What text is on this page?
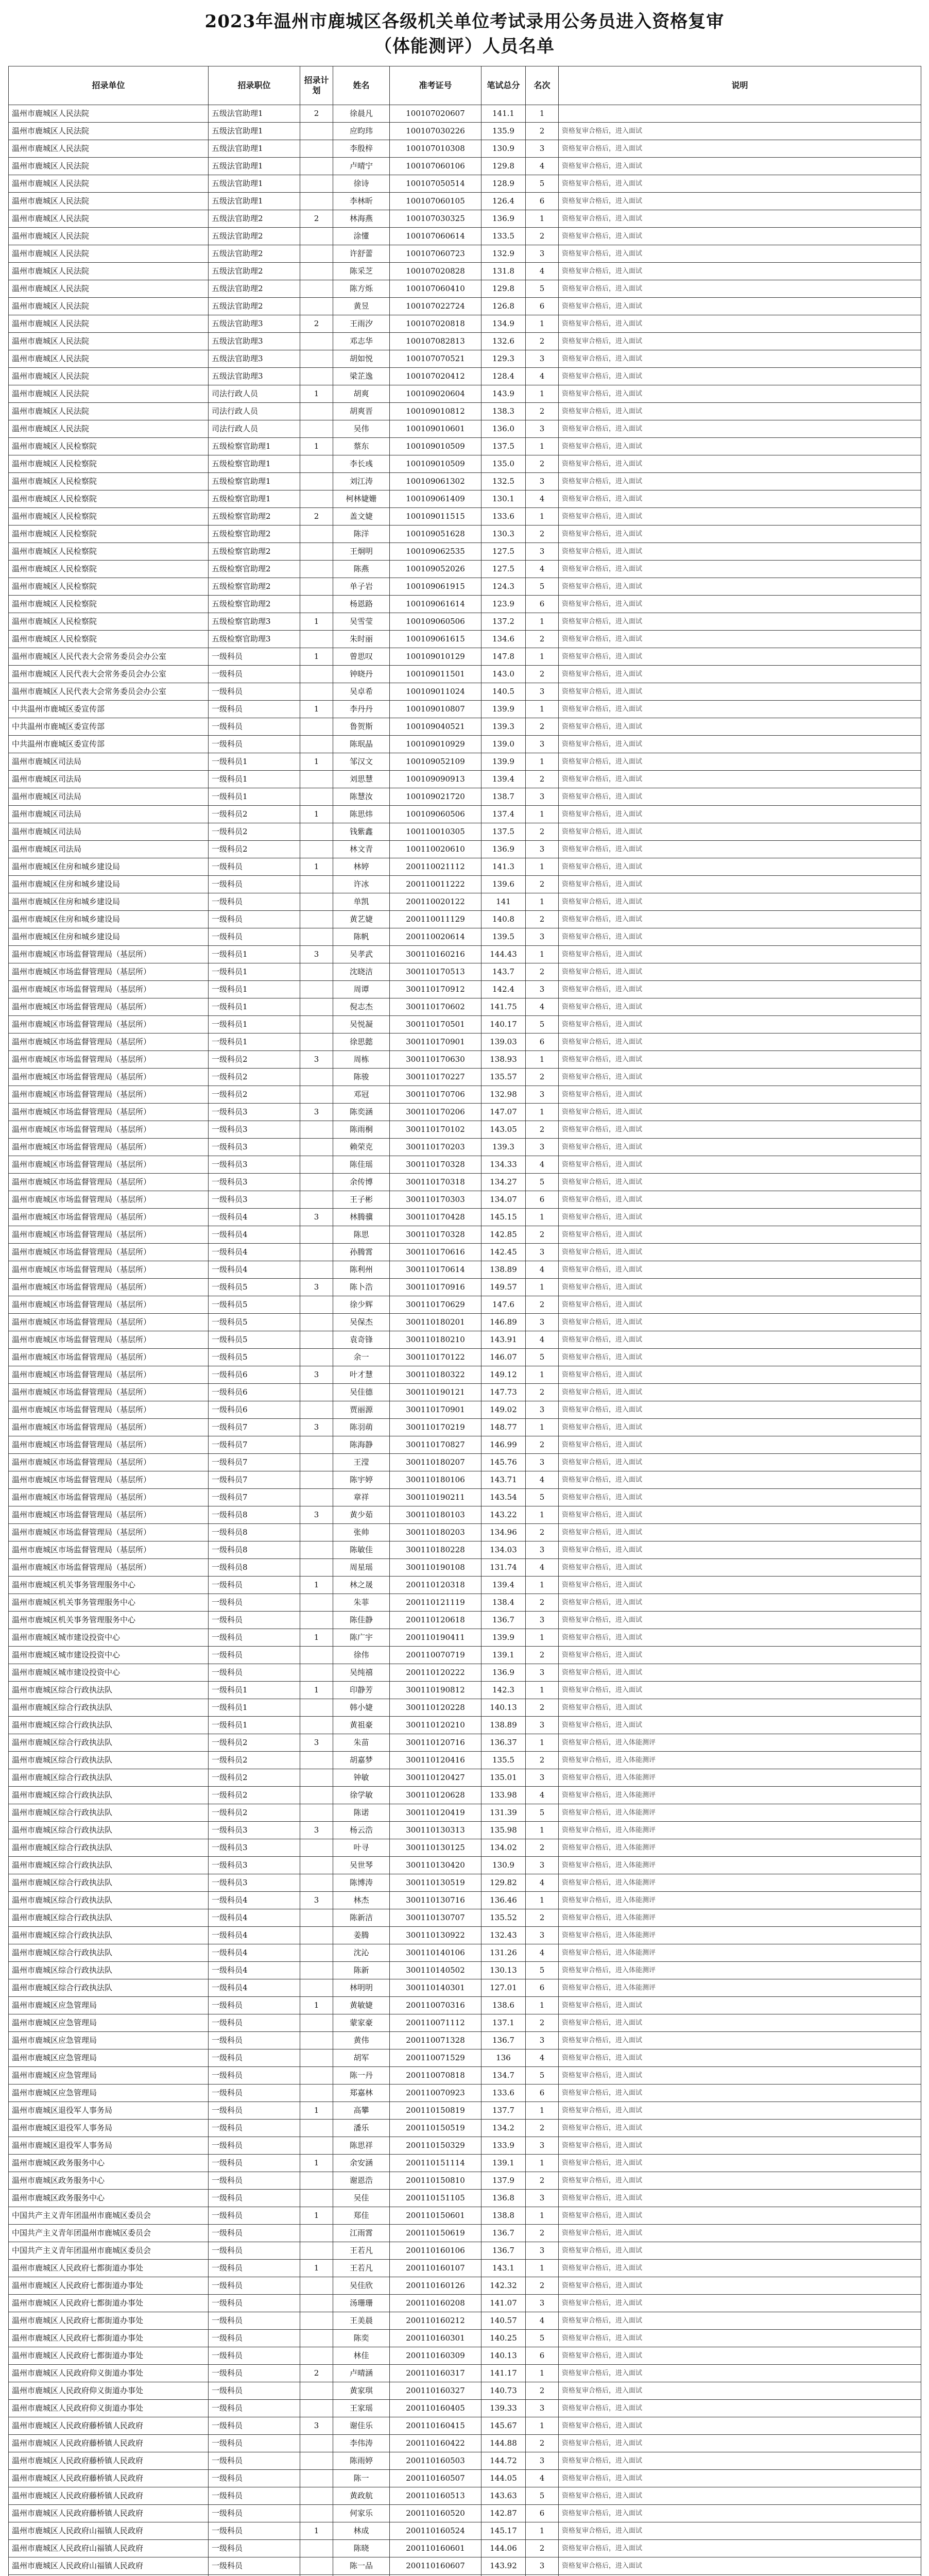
2023年温州市鹿城区各级机关单位考试录用公务员进入资格复审
（体能测评）人员名单
招录单位	招录职位	招录计划	姓名	准考证号	笔试总分	名次	说明
温州市鹿城区人民法院	五级法官助理1	2	徐晨凡	100107020607	141.1	1	
温州市鹿城区人民法院	五级法官助理1		应昀玮	100107030226	135.9	2	资格复审合格后，进入面试
温州市鹿城区人民法院	五级法官助理1		李殷梓	100107010308	130.9	3	资格复审合格后，进入面试
温州市鹿城区人民法院	五级法官助理1		卢晴宁	100107060106	129.8	4	资格复审合格后，进入面试
温州市鹿城区人民法院	五级法官助理1		徐诗	100107050514	128.9	5	资格复审合格后，进入面试
温州市鹿城区人民法院	五级法官助理1		李林昕	100107060105	126.4	6	资格复审合格后，进入面试
温州市鹿城区人民法院	五级法官助理2	2	林海燕	100107030325	136.9	1	资格复审合格后，进入面试
温州市鹿城区人民法院	五级法官助理2		涂懂	100107060614	133.5	2	资格复审合格后，进入面试
温州市鹿城区人民法院	五级法官助理2		许舒蕾	100107060723	132.9	3	资格复审合格后，进入面试
温州市鹿城区人民法院	五级法官助理2		陈采芝	100107020828	131.8	4	资格复审合格后，进入面试
温州市鹿城区人民法院	五级法官助理2		陈方烁	100107060410	129.8	5	资格复审合格后，进入面试
温州市鹿城区人民法院	五级法官助理2		黄昱	100107022724	126.8	6	资格复审合格后，进入面试
温州市鹿城区人民法院	五级法官助理3	2	王雨汐	100107020818	134.9	1	资格复审合格后，进入面试
温州市鹿城区人民法院	五级法官助理3		邓志华	100107082813	132.6	2	资格复审合格后，进入面试
温州市鹿城区人民法院	五级法官助理3		胡如悦	100107070521	129.3	3	资格复审合格后，进入面试
温州市鹿城区人民法院	五级法官助理3		梁芷逸	100107020412	128.4	4	资格复审合格后，进入面试
温州市鹿城区人民法院	司法行政人员	1	胡爽	100109020604	143.9	1	资格复审合格后，进入面试
温州市鹿城区人民法院	司法行政人员		胡爽晋	100109010812	138.3	2	资格复审合格后，进入面试
温州市鹿城区人民法院	司法行政人员		吴伟	100109010601	136.0	3	资格复审合格后，进入面试
温州市鹿城区人民检察院	五级检察官助理1	1	蔡东	100109010509	137.5	1	资格复审合格后，进入面试
温州市鹿城区人民检察院	五级检察官助理1		李长彧	100109010509	135.0	2	资格复审合格后，进入面试
温州市鹿城区人民检察院	五级检察官助理1		刘江涛	100109061302	132.5	3	资格复审合格后，进入面试
温州市鹿城区人民检察院	五级检察官助理1		柯林婕姗	100109061409	130.1	4	资格复审合格后，进入面试
温州市鹿城区人民检察院	五级检察官助理2	2	盖文婕	100109011515	133.6	1	资格复审合格后，进入面试
温州市鹿城区人民检察院	五级检察官助理2		陈洋	100109051628	130.3	2	资格复审合格后，进入面试
温州市鹿城区人民检察院	五级检察官助理2		王炯明	100109062535	127.5	3	资格复审合格后，进入面试
温州市鹿城区人民检察院	五级检察官助理2		陈燕	100109052026	127.5	4	资格复审合格后，进入面试
温州市鹿城区人民检察院	五级检察官助理2		单子岩	100109061915	124.3	5	资格复审合格后，进入面试
温州市鹿城区人民检察院	五级检察官助理2		杨恩路	100109061614	123.9	6	资格复审合格后，进入面试
温州市鹿城区人民检察院	五级检察官助理3	1	吴雪莹	100109060506	137.2	1	资格复审合格后，进入面试
温州市鹿城区人民检察院	五级检察官助理3		朱时丽	100109061615	134.6	2	资格复审合格后，进入面试
温州市鹿城区人民代表大会常务委员会办公室	一级科员	1	曾思叹	100109010129	147.8	1	资格复审合格后，进入面试
温州市鹿城区人民代表大会常务委员会办公室	一级科员		钟晓丹	100109011501	143.0	2	资格复审合格后，进入面试
温州市鹿城区人民代表大会常务委员会办公室	一级科员		吴卓希	100109011024	140.5	3	资格复审合格后，进入面试
中共温州市鹿城区委宣传部	一级科员	1	李丹丹	100109010807	139.9	1	资格复审合格后，进入面试
中共温州市鹿城区委宣传部	一级科员		鲁贺斯	100109040521	139.3	2	资格复审合格后，进入面试
中共温州市鹿城区委宣传部	一级科员		陈珉晶	100109010929	139.0	3	资格复审合格后，进入面试
温州市鹿城区司法局	一级科员1	1	邹汉文	100109052109	139.9	1	资格复审合格后，进入面试
温州市鹿城区司法局	一级科员1		刘思慧	100109090913	139.4	2	资格复审合格后，进入面试
温州市鹿城区司法局	一级科员1		陈慧汝	100109021720	138.7	3	资格复审合格后，进入面试
温州市鹿城区司法局	一级科员2	1	陈思炜	100109060506	137.4	1	资格复审合格后，进入面试
温州市鹿城区司法局	一级科员2		钱紫鑫	100110010305	137.5	2	资格复审合格后，进入面试
温州市鹿城区司法局	一级科员2		林文青	100110020610	136.9	3	资格复审合格后，进入面试
温州市鹿城区住房和城乡建设局	一级科员	1	林婷	200110021112	141.3	1	资格复审合格后，进入面试
温州市鹿城区住房和城乡建设局	一级科员		许冰	200110011222	139.6	2	资格复审合格后，进入面试
温州市鹿城区住房和城乡建设局	一级科员		单凯	200110020122	141	1	资格复审合格后，进入面试
温州市鹿城区住房和城乡建设局	一级科员		黄艺婕	200110011129	140.8	2	资格复审合格后，进入面试
温州市鹿城区住房和城乡建设局	一级科员		陈帆	200110020614	139.5	3	资格复审合格后，进入面试
温州市鹿城区市场监督管理局（基层所）	一级科员1	3	吴孝武	300110160216	144.43	1	资格复审合格后，进入面试
温州市鹿城区市场监督管理局（基层所）	一级科员1		沈晓洁	300110170513	143.7	2	资格复审合格后，进入面试
温州市鹿城区市场监督管理局（基层所）	一级科员1		周谭	300110170912	142.4	3	资格复审合格后，进入面试
温州市鹿城区市场监督管理局（基层所）	一级科员1		倪志杰	300110170602	141.75	4	资格复审合格后，进入面试
温州市鹿城区市场监督管理局（基层所）	一级科员1		吴悦凝	300110170501	140.17	5	资格复审合格后，进入面试
温州市鹿城区市场监督管理局（基层所）	一级科员1		徐思懿	300110170901	139.03	6	资格复审合格后，进入面试
温州市鹿城区市场监督管理局（基层所）	一级科员2	3	周栋	300110170630	138.93	1	资格复审合格后，进入面试
温州市鹿城区市场监督管理局（基层所）	一级科员2		陈骏	300110170227	135.57	2	资格复审合格后，进入面试
温州市鹿城区市场监督管理局（基层所）	一级科员2		邓冠	300110170706	132.98	3	资格复审合格后，进入面试
温州市鹿城区市场监督管理局（基层所）	一级科员3	3	陈奕涵	300110170206	147.07	1	资格复审合格后，进入面试
温州市鹿城区市场监督管理局（基层所）	一级科员3		陈雨桐	300110170102	143.05	2	资格复审合格后，进入面试
温州市鹿城区市场监督管理局（基层所）	一级科员3		赖荣克	300110170203	139.3	3	资格复审合格后，进入面试
温州市鹿城区市场监督管理局（基层所）	一级科员3		陈佳瑶	300110170328	134.33	4	资格复审合格后，进入面试
温州市鹿城区市场监督管理局（基层所）	一级科员3		余传博	300110170318	134.27	5	资格复审合格后，进入面试
温州市鹿城区市场监督管理局（基层所）	一级科员3		王子彬	300110170303	134.07	6	资格复审合格后，进入面试
温州市鹿城区市场监督管理局（基层所）	一级科员4	3	林腾骥	300110170428	145.15	1	资格复审合格后，进入面试
温州市鹿城区市场监督管理局（基层所）	一级科员4		陈思	300110170328	142.85	2	资格复审合格后，进入面试
温州市鹿城区市场监督管理局（基层所）	一级科员4		孙腾霄	300110170616	142.45	3	资格复审合格后，进入面试
温州市鹿城区市场监督管理局（基层所）	一级科员4		陈利州	300110170614	138.89	4	资格复审合格后，进入面试
温州市鹿城区市场监督管理局（基层所）	一级科员5	3	陈卜浩	300110170916	149.57	1	资格复审合格后，进入面试
温州市鹿城区市场监督管理局（基层所）	一级科员5		徐少辉	300110170629	147.6	2	资格复审合格后，进入面试
温州市鹿城区市场监督管理局（基层所）	一级科员5		吴保杰	300110180201	146.89	3	资格复审合格后，进入面试
温州市鹿城区市场监督管理局（基层所）	一级科员5		袁奇锋	300110180210	143.91	4	资格复审合格后，进入面试
温州市鹿城区市场监督管理局（基层所）	一级科员5		余一	300110170122	146.07	5	资格复审合格后，进入面试
温州市鹿城区市场监督管理局（基层所）	一级科员6	3	叶才慧	300110180322	149.12	1	资格复审合格后，进入面试
温州市鹿城区市场监督管理局（基层所）	一级科员6		吴佳德	300110190121	147.73	2	资格复审合格后，进入面试
温州市鹿城区市场监督管理局（基层所）	一级科员6		贾丽源	300110170901	149.02	3	资格复审合格后，进入面试
温州市鹿城区市场监督管理局（基层所）	一级科员7	3	陈羽萌	300110170219	148.77	1	资格复审合格后，进入面试
温州市鹿城区市场监督管理局（基层所）	一级科员7		陈海静	300110170827	146.99	2	资格复审合格后，进入面试
温州市鹿城区市场监督管理局（基层所）	一级科员7		王滢	300110180207	145.76	3	资格复审合格后，进入面试
温州市鹿城区市场监督管理局（基层所）	一级科员7		陈宇婷	300110180106	143.71	4	资格复审合格后，进入面试
温州市鹿城区市场监督管理局（基层所）	一级科员7		章祥	300110190211	143.54	5	资格复审合格后，进入面试
温州市鹿城区市场监督管理局（基层所）	一级科员8	3	黄少茹	300110180103	143.22	1	资格复审合格后，进入面试
温州市鹿城区市场监督管理局（基层所）	一级科员8		张帅	300110180203	134.96	2	资格复审合格后，进入面试
温州市鹿城区市场监督管理局（基层所）	一级科员8		陈敏佳	300110180228	134.03	3	资格复审合格后，进入面试
温州市鹿城区市场监督管理局（基层所）	一级科员8		周星瑶	300110190108	131.74	4	资格复审合格后，进入面试
温州市鹿城区机关事务管理服务中心	一级科员	1	林之晟	200110120318	139.4	1	资格复审合格后，进入面试
温州市鹿城区机关事务管理服务中心	一级科员		朱菲	200110121119	138.4	2	资格复审合格后，进入面试
温州市鹿城区机关事务管理服务中心	一级科员		陈佳静	200110120618	136.7	3	资格复审合格后，进入面试
温州市鹿城区城市建设投资中心	一级科员	1	陈广宇	200110190411	139.9	1	资格复审合格后，进入面试
温州市鹿城区城市建设投资中心	一级科员		徐伟	200110070719	139.1	2	资格复审合格后，进入面试
温州市鹿城区城市建设投资中心	一级科员		吴纯禧	200110120222	136.9	3	资格复审合格后，进入面试
温州市鹿城区综合行政执法队	一级科员1	1	印静芳	300110190812	142.3	1	资格复审合格后，进入面试
温州市鹿城区综合行政执法队	一级科员1		韩小婕	300110120228	140.13	2	资格复审合格后，进入面试
温州市鹿城区综合行政执法队	一级科员1		黄祖豪	300110120210	138.89	3	资格复审合格后，进入面试
温州市鹿城区综合行政执法队	一级科员2	3	朱苗	300110120716	136.37	1	资格复审合格后，进入体能测评
温州市鹿城区综合行政执法队	一级科员2		胡嘉梦	300110120416	135.5	2	资格复审合格后，进入体能测评
温州市鹿城区综合行政执法队	一级科员2		钟敏	300110120427	135.01	3	资格复审合格后，进入体能测评
温州市鹿城区综合行政执法队	一级科员2		徐学敏	300110120628	133.98	4	资格复审合格后，进入体能测评
温州市鹿城区综合行政执法队	一级科员2		陈诺	300110120419	131.39	5	资格复审合格后，进入体能测评
温州市鹿城区综合行政执法队	一级科员3	3	杨云浩	300110130313	135.98	1	资格复审合格后，进入体能测评
温州市鹿城区综合行政执法队	一级科员3		叶寻	300110130125	134.02	2	资格复审合格后，进入体能测评
温州市鹿城区综合行政执法队	一级科员3		吴世琴	300110130420	130.9	3	资格复审合格后，进入体能测评
温州市鹿城区综合行政执法队	一级科员3		陈博涛	300110130519	129.82	4	资格复审合格后，进入体能测评
温州市鹿城区综合行政执法队	一级科员4	3	林杰	300110130716	136.46	1	资格复审合格后，进入体能测评
温州市鹿城区综合行政执法队	一级科员4		陈新洁	300110130707	135.52	2	资格复审合格后，进入体能测评
温州市鹿城区综合行政执法队	一级科员4		姜腾	300110130922	132.43	3	资格复审合格后，进入体能测评
温州市鹿城区综合行政执法队	一级科员4		沈沁	300110140106	131.26	4	资格复审合格后，进入体能测评
温州市鹿城区综合行政执法队	一级科员4		陈新	300110140502	130.13	5	资格复审合格后，进入体能测评
温州市鹿城区综合行政执法队	一级科员4		林明明	300110140301	127.01	6	资格复审合格后，进入体能测评
温州市鹿城区应急管理局	一级科员	1	黄敏婕	200110070316	138.6	1	资格复审合格后，进入面试
温州市鹿城区应急管理局	一级科员		蒙家豪	200110071112	137.1	2	资格复审合格后，进入面试
温州市鹿城区应急管理局	一级科员		黄伟	200110071328	136.7	3	资格复审合格后，进入面试
温州市鹿城区应急管理局	一级科员		胡军	200110071529	136	4	资格复审合格后，进入面试
温州市鹿城区应急管理局	一级科员		陈一丹	200110070818	134.7	5	资格复审合格后，进入面试
温州市鹿城区应急管理局	一级科员		郑嘉林	200110070923	133.6	6	资格复审合格后，进入面试
温州市鹿城区退役军人事务局	一级科员	1	高攀	200110150819	137.7	1	资格复审合格后，进入面试
温州市鹿城区退役军人事务局	一级科员		潘乐	200110150519	134.2	2	资格复审合格后，进入面试
温州市鹿城区退役军人事务局	一级科员		陈思祥	200110150329	133.9	3	资格复审合格后，进入面试
温州市鹿城区政务服务中心	一级科员	1	余安涵	200110151114	139.1	1	资格复审合格后，进入面试
温州市鹿城区政务服务中心	一级科员		谢恩浩	200110150810	137.9	2	资格复审合格后，进入面试
温州市鹿城区政务服务中心	一级科员		吴佳	200110151105	136.8	3	资格复审合格后，进入面试
中国共产主义青年团温州市鹿城区委员会	一级科员	1	郑佳	200110150601	138.8	1	资格复审合格后，进入面试
中国共产主义青年团温州市鹿城区委员会	一级科员		江雨霄	200110150619	136.7	2	资格复审合格后，进入面试
中国共产主义青年团温州市鹿城区委员会	一级科员		王若凡	200110160106	136.7	3	资格复审合格后，进入面试
温州市鹿城区人民政府七都街道办事处	一级科员	1	王若凡	200110160107	143.1	1	资格复审合格后，进入面试
温州市鹿城区人民政府七都街道办事处	一级科员		吴佳欣	200110160126	142.32	2	资格复审合格后，进入面试
温州市鹿城区人民政府七都街道办事处	一级科员		汤珊珊	200110160208	141.07	3	资格复审合格后，进入面试
温州市鹿城区人民政府七都街道办事处	一级科员		王美晨	200110160212	140.57	4	资格复审合格后，进入面试
温州市鹿城区人民政府七都街道办事处	一级科员		陈奕	200110160301	140.25	5	资格复审合格后，进入面试
温州市鹿城区人民政府七都街道办事处	一级科员		林佳	200110160309	140.13	6	资格复审合格后，进入面试
温州市鹿城区人民政府仰义街道办事处	一级科员	2	卢晴涵	200110160317	141.17	1	资格复审合格后，进入面试
温州市鹿城区人民政府仰义街道办事处	一级科员		黄家琪	200110160327	140.73	2	资格复审合格后，进入面试
温州市鹿城区人民政府仰义街道办事处	一级科员		王家瑶	200110160405	139.33	3	资格复审合格后，进入面试
温州市鹿城区人民政府藤桥镇人民政府	一级科员	3	谢佳乐	200110160415	145.67	1	资格复审合格后，进入面试
温州市鹿城区人民政府藤桥镇人民政府	一级科员		李伟涛	200110160422	144.88	2	资格复审合格后，进入面试
温州市鹿城区人民政府藤桥镇人民政府	一级科员		陈雨婷	200110160503	144.72	3	资格复审合格后，进入面试
温州市鹿城区人民政府藤桥镇人民政府	一级科员		陈一	200110160507	144.05	4	资格复审合格后，进入面试
温州市鹿城区人民政府藤桥镇人民政府	一级科员		黄政航	200110160513	143.63	5	资格复审合格后，进入面试
温州市鹿城区人民政府藤桥镇人民政府	一级科员		何家乐	200110160520	142.87	6	资格复审合格后，进入面试
温州市鹿城区人民政府山福镇人民政府	一级科员	1	林成	200110160524	145.17	1	资格复审合格后，进入面试
温州市鹿城区人民政府山福镇人民政府	一级科员		陈晓	200110160601	144.06	2	资格复审合格后，进入面试
温州市鹿城区人民政府山福镇人民政府	一级科员		陈一品	200110160607	143.92	3	资格复审合格后，进入面试
